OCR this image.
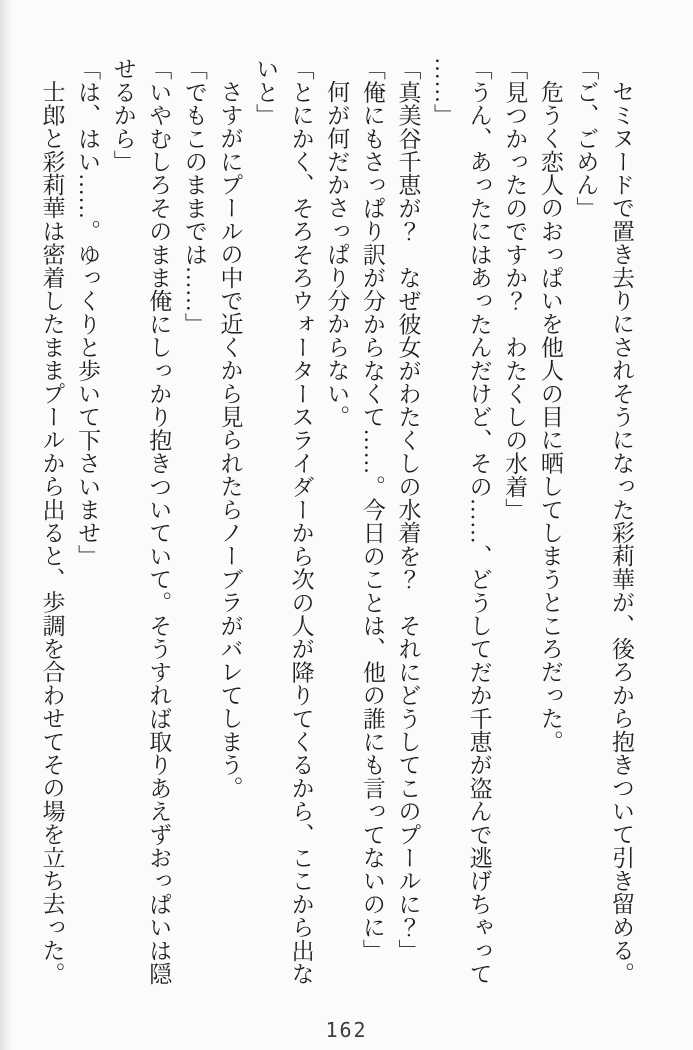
セミヌードで置き去りにされそうになった彩莉華が、後ろから抱きついて引き留める。
「ご、ごめん」
危うく恋人のおっぱいを他人の目に晒してしまうところだった。
「見つかったのですか？　わたくしの水着」
「うん、あったにはあったんだけど、その……、どうしてだか千恵が盗んで逃げちゃって
……」
「真美谷千恵が？　なぜ彼女がわたくしの水着を？　それにどうしてこのプールに？」
「俺にもさっぱり訳が分からなくて……。今日のことは、他の誰にも言ってないのに」
何が何だかさっぱり分からない。
「とにかく、そろそろウォータースライダーから次の人が降りてくるから、ここから出な
いと」
さすがにプールの中で近くから見られたらノーブラがバレてしまう。
「でもこのままでは……」
「いやむしろそのまま俺にしっかり抱きついていて。そうすれば取りあえずおっぱいは隠
せるから」
「は、はい……。ゆっくりと歩いて下さいませ」
士郎と彩莉華は密着したままプールから出ると、歩調を合わせてその場を立ち去った。
162
